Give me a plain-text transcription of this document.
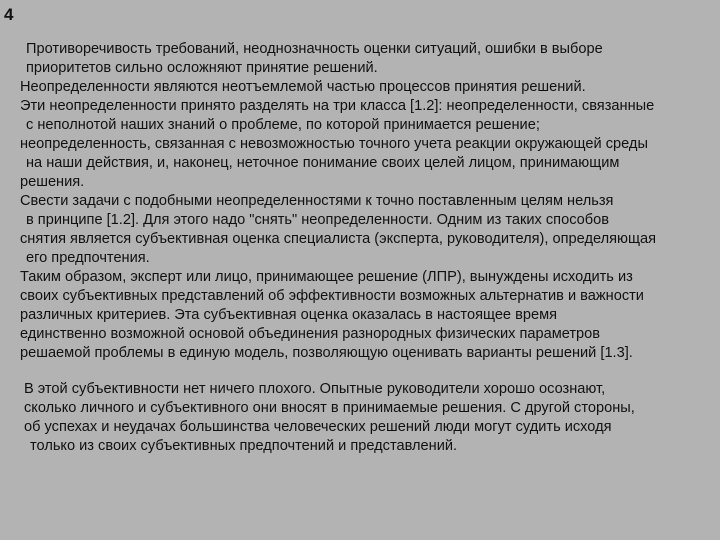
4
Противоречивость требований, неоднозначность оценки ситуаций, ошибки в выборе
приоритетов сильно осложняют принятие решений.
Неопределенности являются неотъемлемой частью процессов принятия решений.
Эти неопределенности принято разделять на три класса [1.2]: неопределенности, связанные
с неполнотой наших знаний о проблеме, по которой принимается решение;
неопределенность, связанная с невозможностью точного учета реакции окружающей среды
на наши действия, и, наконец, неточное понимание своих целей лицом, принимающим
решения.
Свести задачи с подобными неопределенностями к точно поставленным целям нельзя
в принципе [1.2]. Для этого надо "снять" неопределенности. Одним из таких способов
снятия является субъективная оценка специалиста (эксперта, руководителя), определяющая
его предпочтения.
Таким образом, эксперт или лицо, принимающее решение (ЛПР), вынуждены исходить из
своих субъективных представлений об эффективности возможных альтернатив и важности
различных критериев. Эта субъективная оценка оказалась в настоящее время
единственно возможной основой объединения разнородных физических параметров
решаемой проблемы в единую модель, позволяющую оценивать варианты решений [1.3].
В этой субъективности нет ничего плохого. Опытные руководители хорошо осознают,
сколько личного и субъективного они вносят в принимаемые решения. С другой стороны,
об успехах и неудачах большинства человеческих решений люди могут судить исходя
только из своих субъективных предпочтений и представлений.
